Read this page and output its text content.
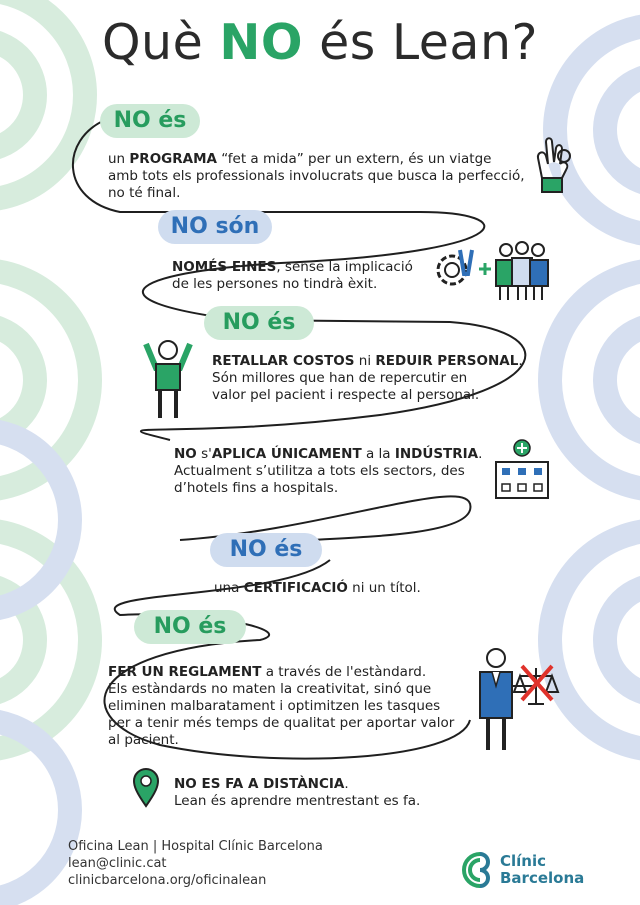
Què NO és Lean?
NO és
un PROGRAMA “fet a mida” per un extern, és un viatge
amb tots els professionals involucrats que busca la perfecció,
no té final.
NO són
NOMÉS EINES, sense la implicació
de les persones no tindrà èxit.
NO és
RETALLAR COSTOS ni REDUIR PERSONAL.
Són millores que han de repercutir en
valor pel pacient i respecte al personal.
NO s'APLICA ÚNICAMENT a la INDÚSTRIA.
Actualment s’utilitza a tots els sectors, des
d’hotels fins a hospitals.
NO és
una CERTIFICACIÓ ni un títol.
NO és
FER UN REGLAMENT a través de l'estàndard.
Els estàndards no maten la creativitat, sinó que
eliminen malbaratament i optimitzen les tasques
per a tenir més temps de qualitat per aportar valor
al pacient.
NO ES FA A DISTÀNCIA.
Lean és aprendre mentrestant es fa.
Oficina Lean | Hospital Clínic Barcelona
lean@clinic.cat
clinicbarcelona.org/oficinalean
Clínic
Barcelona
